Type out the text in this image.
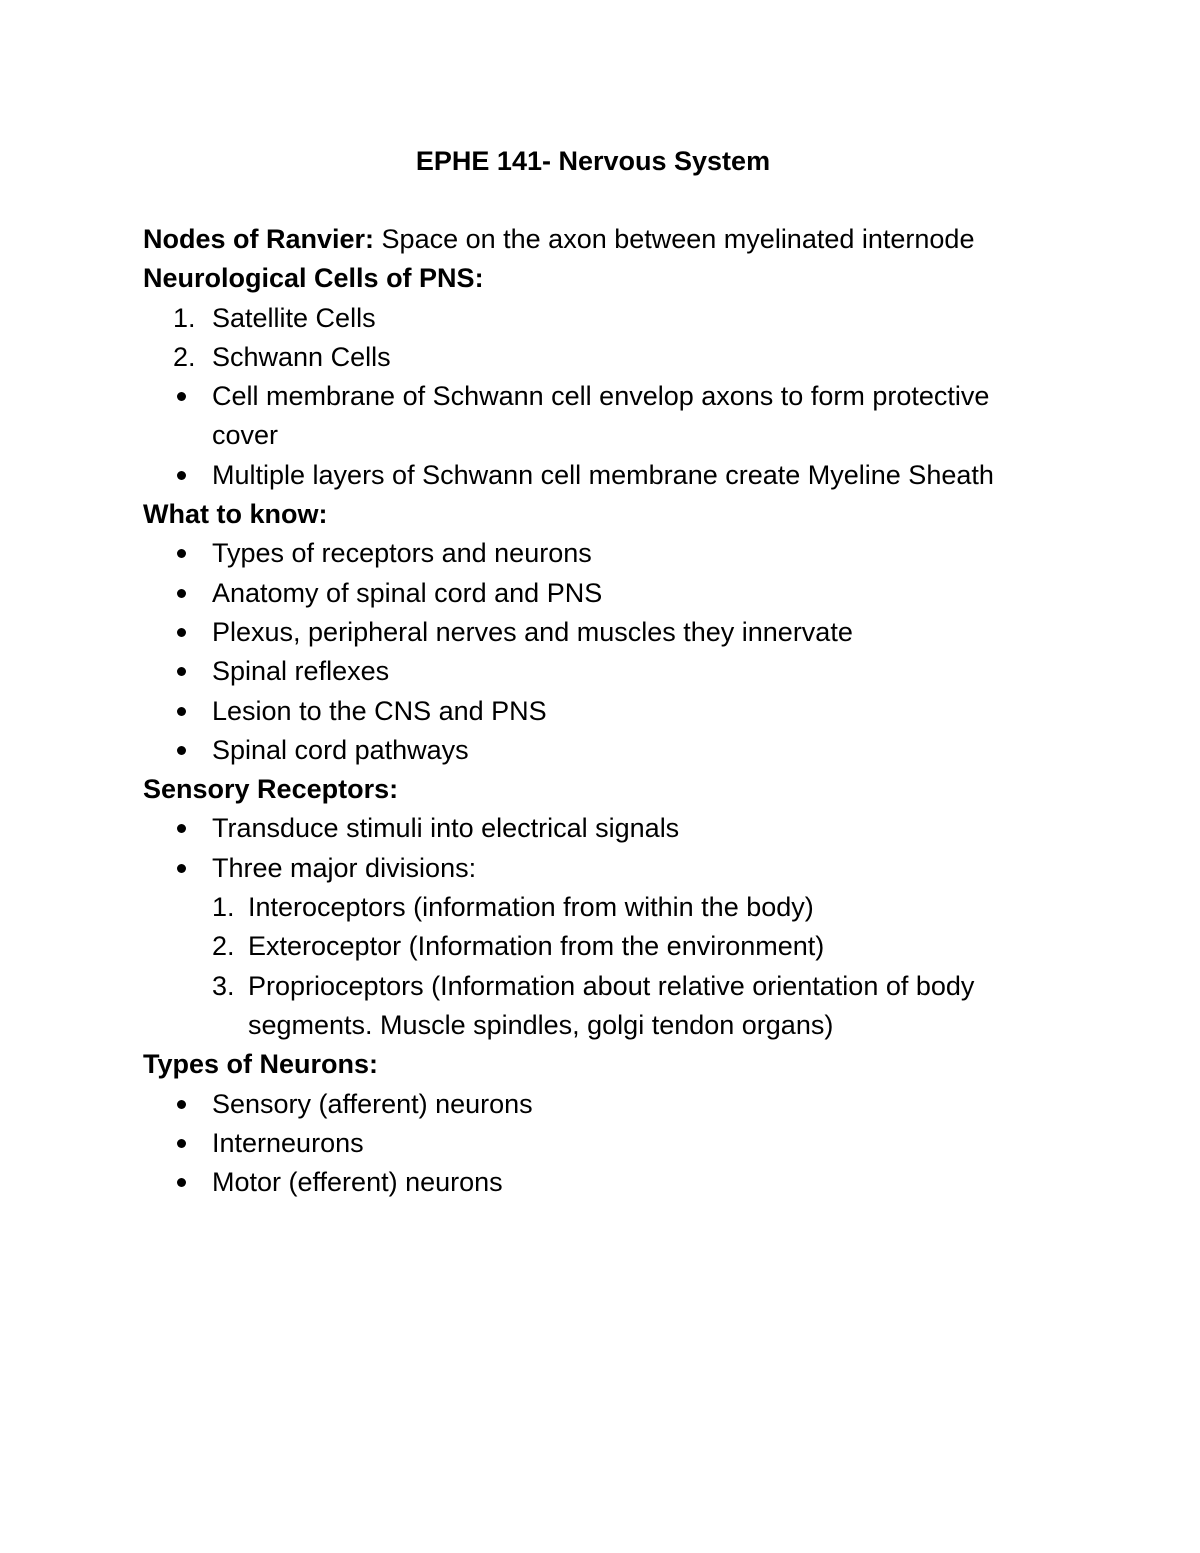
EPHE 141- Nervous System
Nodes of Ranvier: Space on the axon between myelinated internode
Neurological Cells of PNS:
1. Satellite Cells
2. Schwann Cells
Cell membrane of Schwann cell envelop axons to form protective cover
Multiple layers of Schwann cell membrane create Myeline Sheath
What to know:
Types of receptors and neurons
Anatomy of spinal cord and PNS
Plexus, peripheral nerves and muscles they innervate
Spinal reflexes
Lesion to the CNS and PNS
Spinal cord pathways
Sensory Receptors:
Transduce stimuli into electrical signals
Three major divisions:
1. Interoceptors (information from within the body)
2. Exteroceptor (Information from the environment)
3. Proprioceptors (Information about relative orientation of body segments. Muscle spindles, golgi tendon organs)
Types of Neurons:
Sensory (afferent) neurons
Interneurons
Motor (efferent) neurons
